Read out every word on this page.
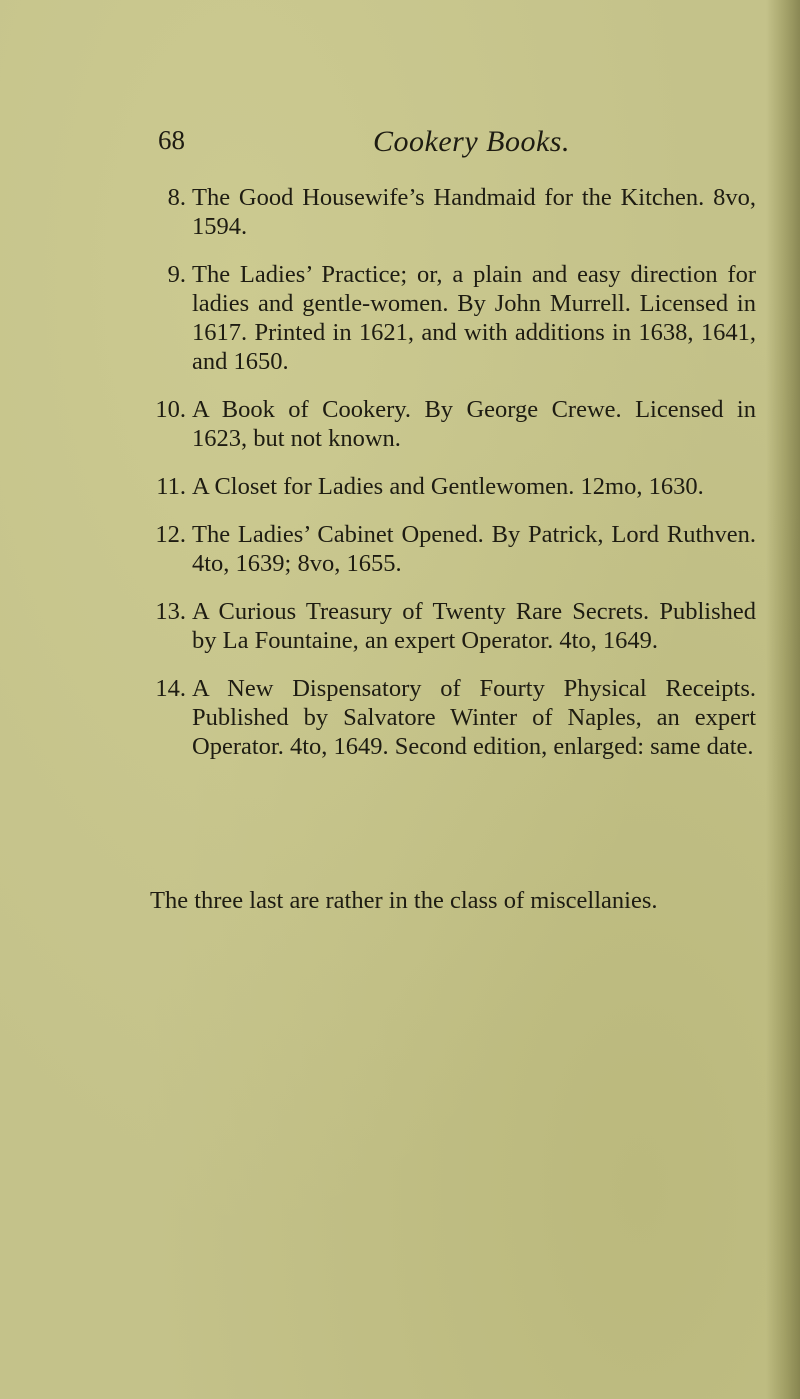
68	Cookery Books.
8. The Good Housewife’s Handmaid for the Kitchen. 8vo, 1594.
9. The Ladies’ Practice; or, a plain and easy direction for ladies and gentle-women. By John Murrell. Licensed in 1617. Printed in 1621, and with additions in 1638, 1641, and 1650.
10. A Book of Cookery. By George Crewe. Licensed in 1623, but not known.
11. A Closet for Ladies and Gentlewomen. 12mo, 1630.
12. The Ladies’ Cabinet Opened. By Patrick, Lord Ruthven. 4to, 1639; 8vo, 1655.
13. A Curious Treasury of Twenty Rare Secrets. Published by La Fountaine, an expert Operator. 4to, 1649.
14. A New Dispensatory of Fourty Physical Receipts. Published by Salvatore Winter of Naples, an expert Operator. 4to, 1649. Second edition, enlarged: same date.

The three last are rather in the class of miscellanies.
